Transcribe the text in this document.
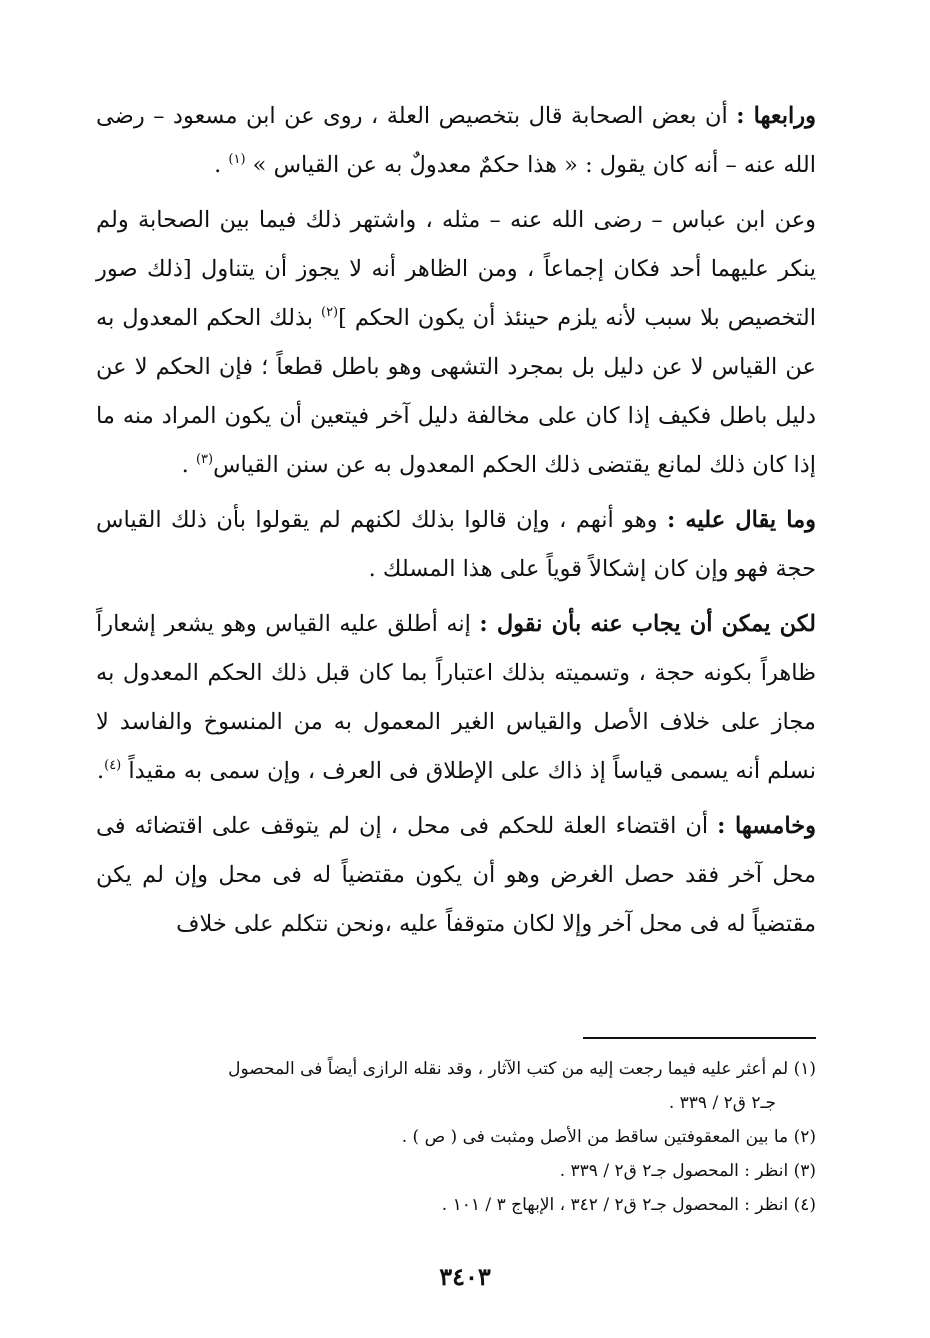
ورابعها : أن بعض الصحابة قال بتخصيص العلة ، روى عن ابن مسعود – رضى الله عنه – أنه كان يقول : « هذا حكمٌ معدولٌ به عن القياس » $^{(١)}$ .

وعن ابن عباس – رضى الله عنه – مثله ، واشتهر ذلك فيما بين الصحابة ولم ينكر عليهما أحد فكان إجماعاً ، ومن الظاهر أنه لا يجوز أن يتناول [ذلك صور التخصيص بلا سبب لأنه يلزم حينئذ أن يكون الحكم ]$^{(٢)}$ بذلك الحكم المعدول به عن القياس لا عن دليل بل بمجرد التشهى وهو باطل قطعاً ؛ فإن الحكم لا عن دليل باطل فكيف إذا كان على مخالفة دليل آخر فيتعين أن يكون المراد منه ما إذا كان ذلك لمانع يقتضى ذلك الحكم المعدول به عن سنن القياس$^{(٣)}$ .

وما يقال عليه : وهو أنهم ، وإن قالوا بذلك لكنهم لم يقولوا بأن ذلك القياس حجة فهو وإن كان إشكالاً قوياً على هذا المسلك .

لكن يمكن أن يجاب عنه بأن نقول : إنه أطلق عليه القياس وهو يشعر إشعاراً ظاهراً بكونه حجة ، وتسميته بذلك اعتباراً بما كان قبل ذلك الحكم المعدول به مجاز على خلاف الأصل والقياس الغير المعمول به من المنسوخ والفاسد لا نسلم أنه يسمى قياساً إذ ذاك على الإطلاق فى العرف ، وإن سمى به مقيداً $^{(٤)}$.

وخامسها : أن اقتضاء العلة للحكم فى محل ، إن لم يتوقف على اقتضائه فى محل آخر فقد حصل الغرض وهو أن يكون مقتضياً له فى محل وإن لم يكن مقتضياً له فى محل آخر وإلا لكان متوقفاً عليه ،ونحن نتكلم على خلاف

(١) لم أعثر عليه فيما رجعت إليه من كتب الآثار ، وقد نقله الرازى أيضاً فى المحصول
جـ٢ ق٢ / ٣٣٩ .

(٢) ما بين المعقوفتين ساقط من الأصل ومثبت فى ( ص ) .

(٣) انظر : المحصول جـ٢ ق٢ / ٣٣٩ .

(٤) انظر : المحصول جـ٢ ق٢ / ٣٤٢ ، الإبهاج ٣ / ١٠١ .

٣٤٠٣
